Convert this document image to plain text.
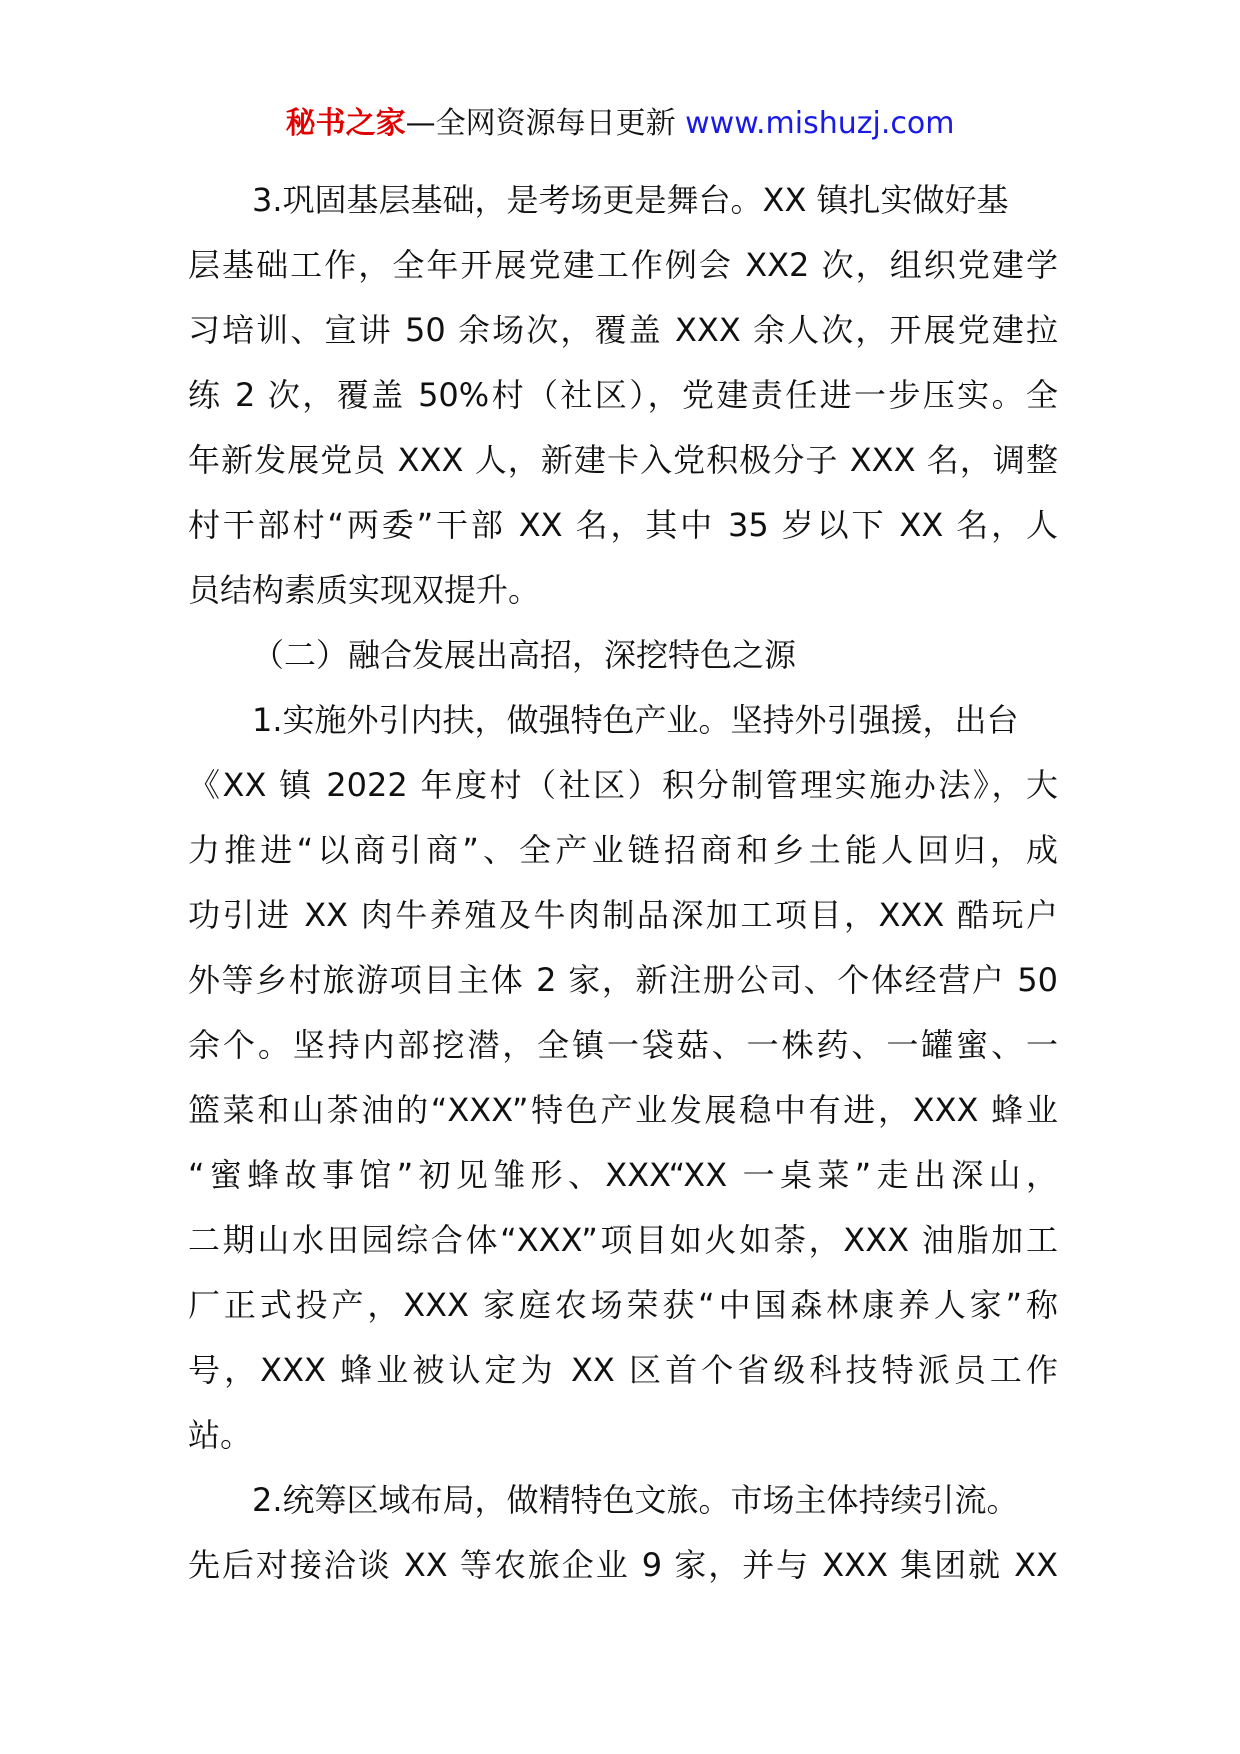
秘书之家—全网资源每日更新 www.mishuzj.com
3.巩固基层基础，是考场更是舞台。XX 镇扎实做好基
层基础工作，全年开展党建工作例会 XX2 次，组织党建学
习培训、宣讲 50 余场次，覆盖 XXX 余人次，开展党建拉
练 2 次，覆盖 50%村（社区），党建责任进一步压实。全
年新发展党员 XXX 人，新建卡入党积极分子 XXX 名，调整
村干部村“两委”干部 XX 名，其中 35 岁以下 XX 名，人
员结构素质实现双提升。
（二）融合发展出高招，深挖特色之源
1.实施外引内扶，做强特色产业。坚持外引强援，出台
《XX 镇 2022 年度村（社区）积分制管理实施办法》，大
力推进“以商引商”、全产业链招商和乡土能人回归，成
功引进 XX 肉牛养殖及牛肉制品深加工项目，XXX 酷玩户
外等乡村旅游项目主体 2 家，新注册公司、个体经营户 50
余个。坚持内部挖潜，全镇一袋菇、一株药、一罐蜜、一
篮菜和山茶油的“XXX”特色产业发展稳中有进，XXX 蜂业
“蜜蜂故事馆”初见雏形、XXX“XX 一桌菜”走出深山，
二期山水田园综合体“XXX”项目如火如荼，XXX 油脂加工
厂正式投产，XXX 家庭农场荣获“中国森林康养人家”称
号，XXX 蜂业被认定为 XX 区首个省级科技特派员工作
站。
2.统筹区域布局，做精特色文旅。市场主体持续引流。
先后对接洽谈 XX 等农旅企业 9 家，并与 XXX 集团就 XX
